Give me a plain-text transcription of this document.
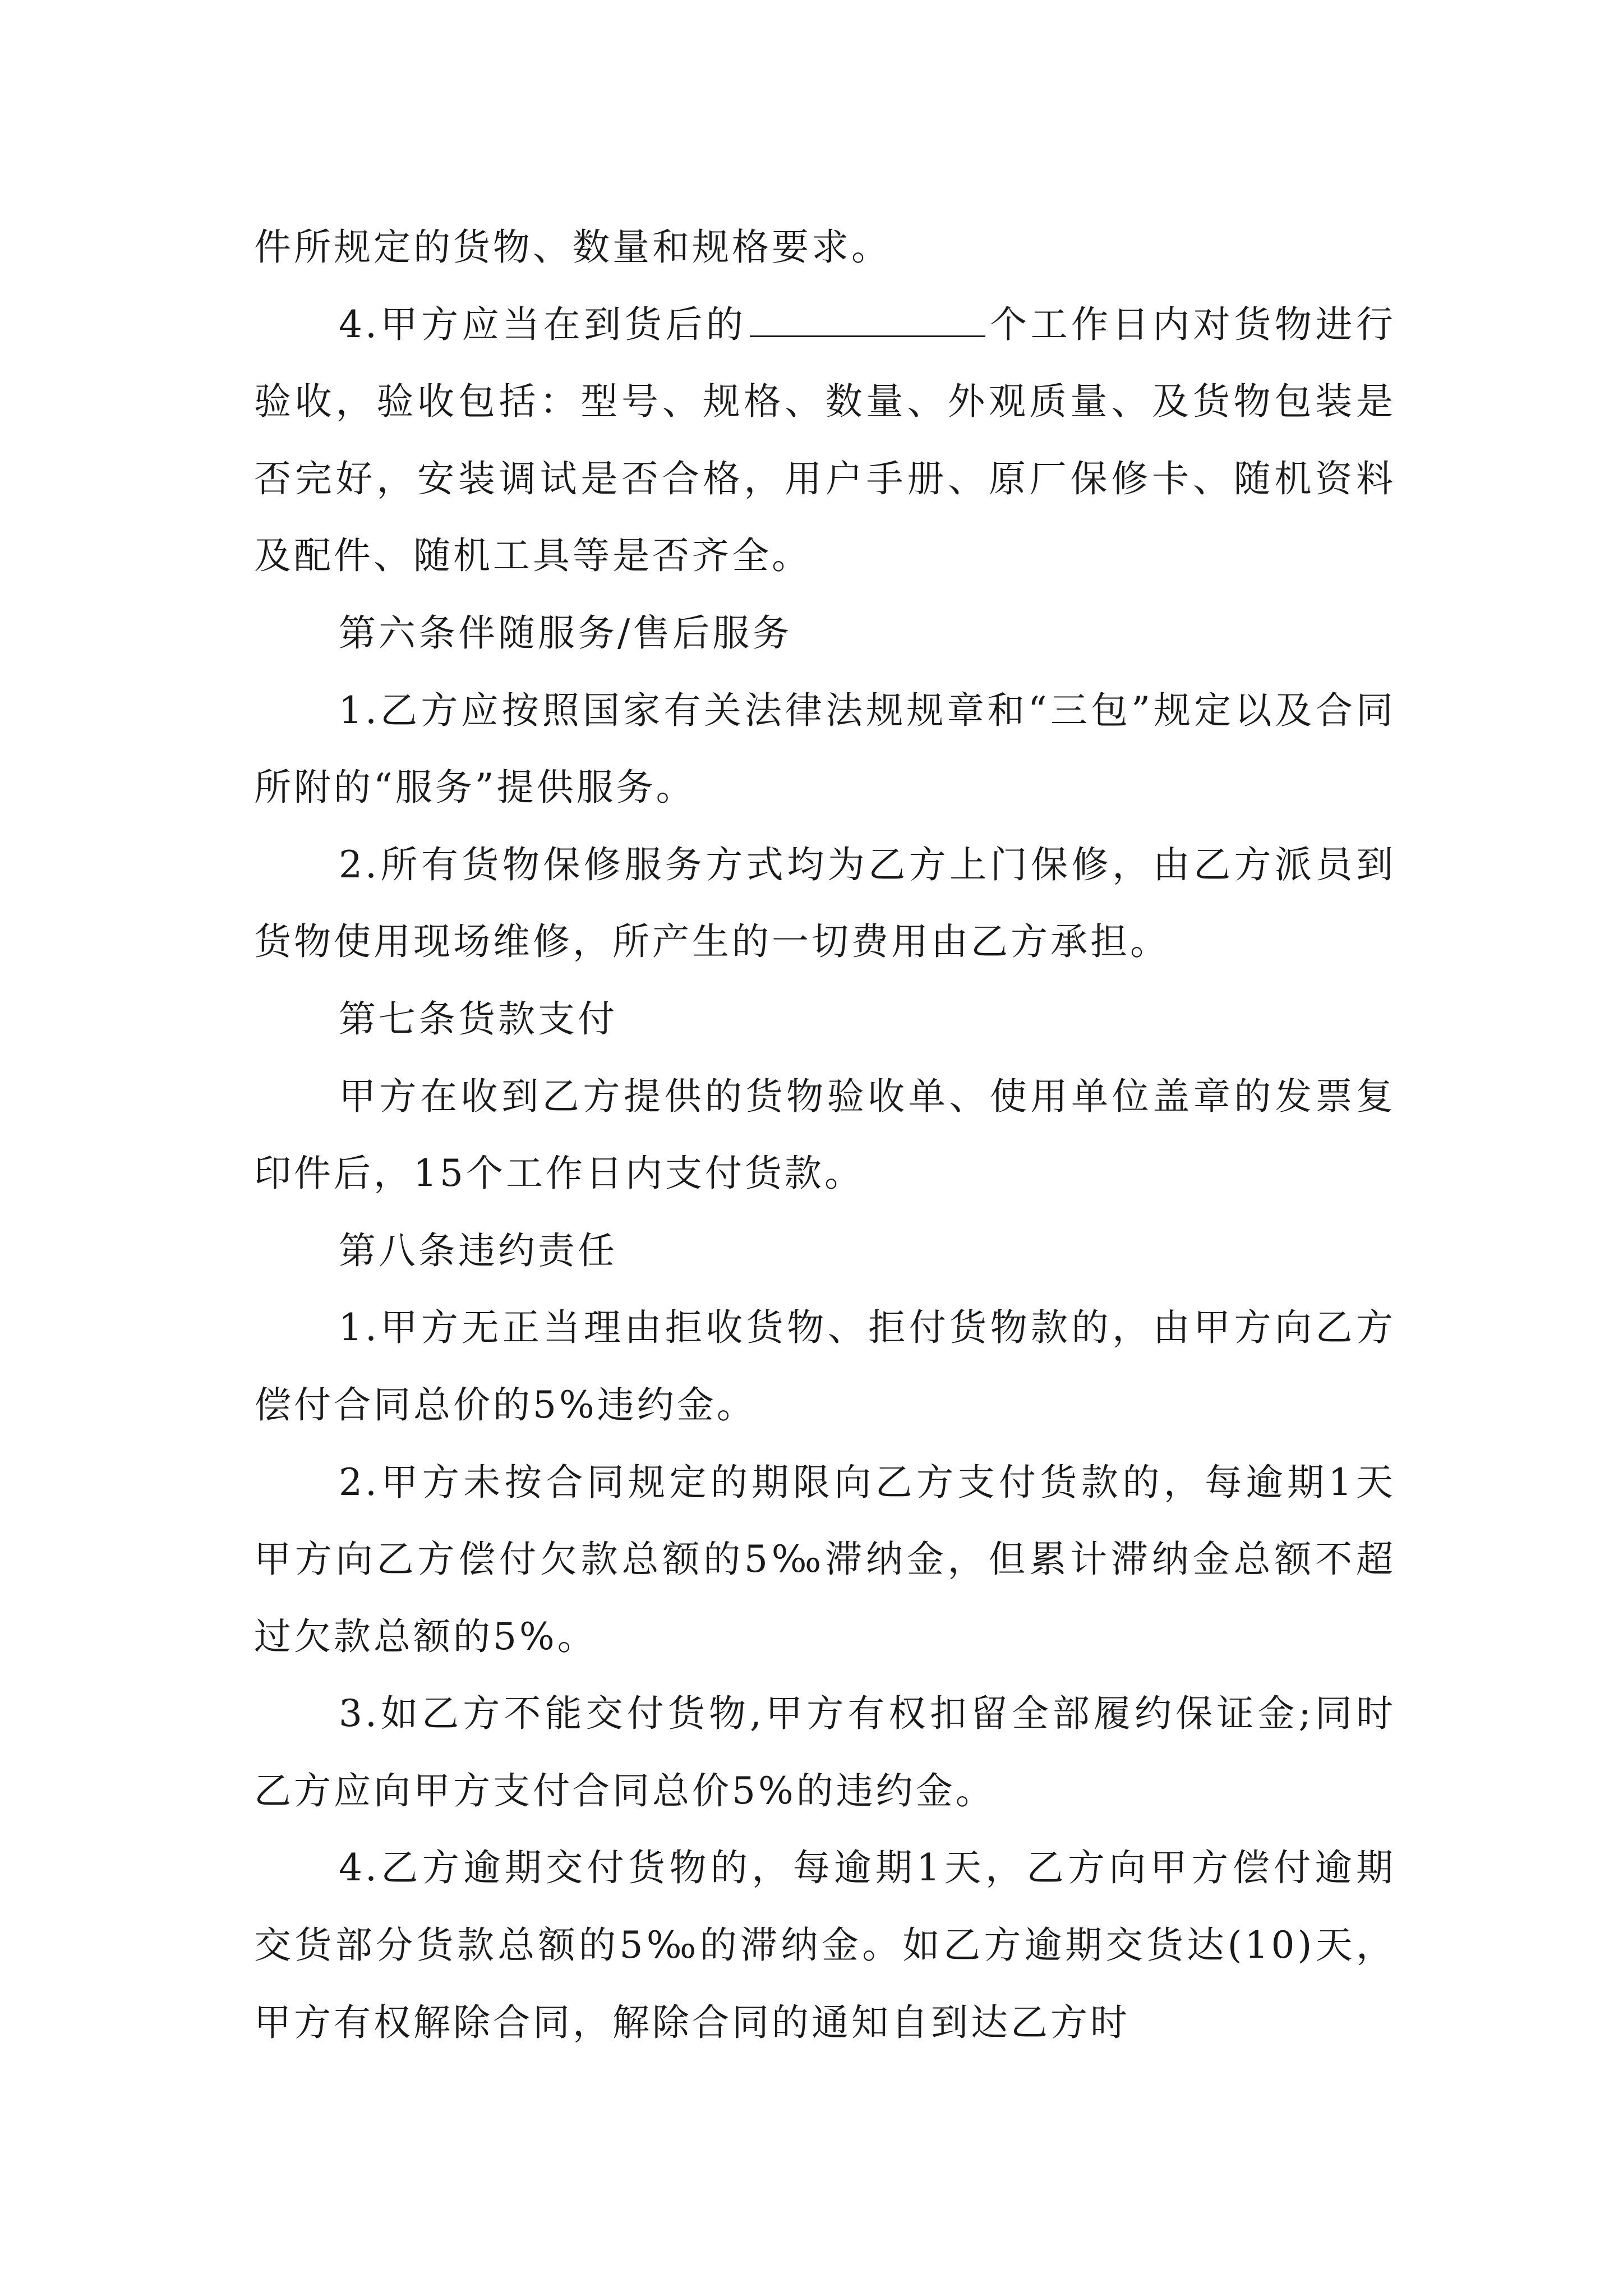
件所规定的货物、数量和规格要求。

4.甲方应当在到货后的	个工作日内对货物进行验收，验收包括：型号、规格、数量、外观质量、及货物包装是否完好，安装调试是否合格，用户手册、原厂保修卡、随机资料及配件、随机工具等是否齐全。

第六条伴随服务/售后服务

1.乙方应按照国家有关法律法规规章和“三包”规定以及合同所附的“服务”提供服务。

2.所有货物保修服务方式均为乙方上门保修，由乙方派员到货物使用现场维修，所产生的一切费用由乙方承担。

第七条货款支付

甲方在收到乙方提供的货物验收单、使用单位盖章的发票复印件后，15个工作日内支付货款。

第八条违约责任

1.甲方无正当理由拒收货物、拒付货物款的，由甲方向乙方偿付合同总价的5%违约金。

2.甲方未按合同规定的期限向乙方支付货款的，每逾期1天甲方向乙方偿付欠款总额的5‰滞纳金，但累计滞纳金总额不超过欠款总额的5%。

3.如乙方不能交付货物,甲方有权扣留全部履约保证金;同时乙方应向甲方支付合同总价5%的违约金。

4.乙方逾期交付货物的，每逾期1天，乙方向甲方偿付逾期交货部分货款总额的5‰的滞纳金。如乙方逾期交货达(10)天，甲方有权解除合同，解除合同的通知自到达乙方时
